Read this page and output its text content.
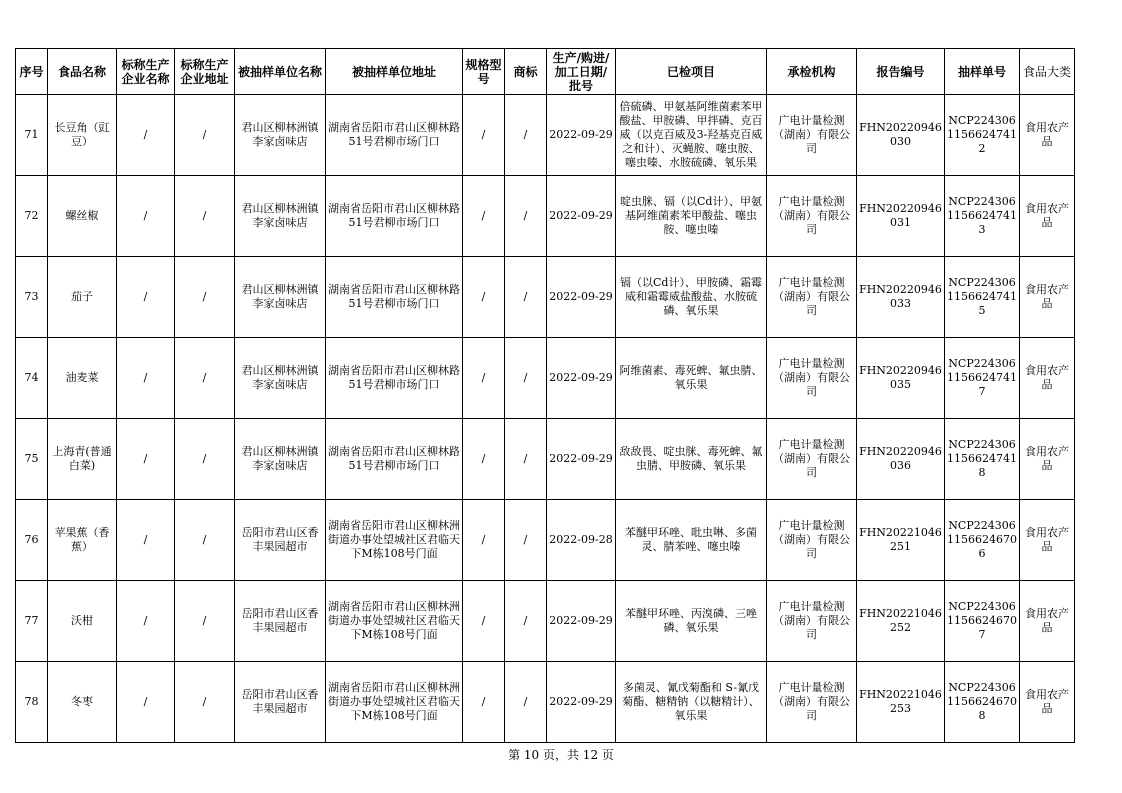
序号	食品名称	标称生产企业名称	标称生产企业地址	被抽样单位名称	被抽样单位地址	规格型号	商标	生产/购进/加工日期/批号	已检项目	承检机构	报告编号	抽样单号	食品大类
71	长豆角（豇豆）	/	/	君山区柳林洲镇李家卤味店	湖南省岳阳市君山区柳林路51号君柳市场门口	/	/	2022-09-29	倍硫磷、甲氨基阿维菌素苯甲酸盐、甲胺磷、甲拌磷、克百威（以克百威及3-羟基克百威之和计）、灭蝇胺、噻虫胺、噻虫嗪、水胺硫磷、氧乐果	广电计量检测（湖南）有限公司	FHN20220946030	NCP22430611566247412	食用农产品
72	螺丝椒	/	/	君山区柳林洲镇李家卤味店	湖南省岳阳市君山区柳林路51号君柳市场门口	/	/	2022-09-29	啶虫脒、镉（以Cd计）、甲氨基阿维菌素苯甲酸盐、噻虫胺、噻虫嗪	广电计量检测（湖南）有限公司	FHN20220946031	NCP22430611566247413	食用农产品
73	茄子	/	/	君山区柳林洲镇李家卤味店	湖南省岳阳市君山区柳林路51号君柳市场门口	/	/	2022-09-29	镉（以Cd计）、甲胺磷、霜霉威和霜霉威盐酸盐、水胺硫磷、氧乐果	广电计量检测（湖南）有限公司	FHN20220946033	NCP22430611566247415	食用农产品
74	油麦菜	/	/	君山区柳林洲镇李家卤味店	湖南省岳阳市君山区柳林路51号君柳市场门口	/	/	2022-09-29	阿维菌素、毒死蜱、氟虫腈、氧乐果	广电计量检测（湖南）有限公司	FHN20220946035	NCP22430611566247417	食用农产品
75	上海青(普通白菜)	/	/	君山区柳林洲镇李家卤味店	湖南省岳阳市君山区柳林路51号君柳市场门口	/	/	2022-09-29	敌敌畏、啶虫脒、毒死蜱、氟虫腈、甲胺磷、氧乐果	广电计量检测（湖南）有限公司	FHN20220946036	NCP22430611566247418	食用农产品
76	苹果蕉（香蕉）	/	/	岳阳市君山区香丰果园超市	湖南省岳阳市君山区柳林洲街道办事处望城社区君临天下M栋108号门面	/	/	2022-09-28	苯醚甲环唑、吡虫啉、多菌灵、腈苯唑、噻虫嗪	广电计量检测（湖南）有限公司	FHN20221046251	NCP22430611566246706	食用农产品
77	沃柑	/	/	岳阳市君山区香丰果园超市	湖南省岳阳市君山区柳林洲街道办事处望城社区君临天下M栋108号门面	/	/	2022-09-29	苯醚甲环唑、丙溴磷、三唑磷、氧乐果	广电计量检测（湖南）有限公司	FHN20221046252	NCP22430611566246707	食用农产品
78	冬枣	/	/	岳阳市君山区香丰果园超市	湖南省岳阳市君山区柳林洲街道办事处望城社区君临天下M栋108号门面	/	/	2022-09-29	多菌灵、氰戊菊酯和 S-氰戊菊酯、糖精钠（以糖精计）、氧乐果	广电计量检测（湖南）有限公司	FHN20221046253	NCP22430611566246708	食用农产品
第 10 页，共 12 页
